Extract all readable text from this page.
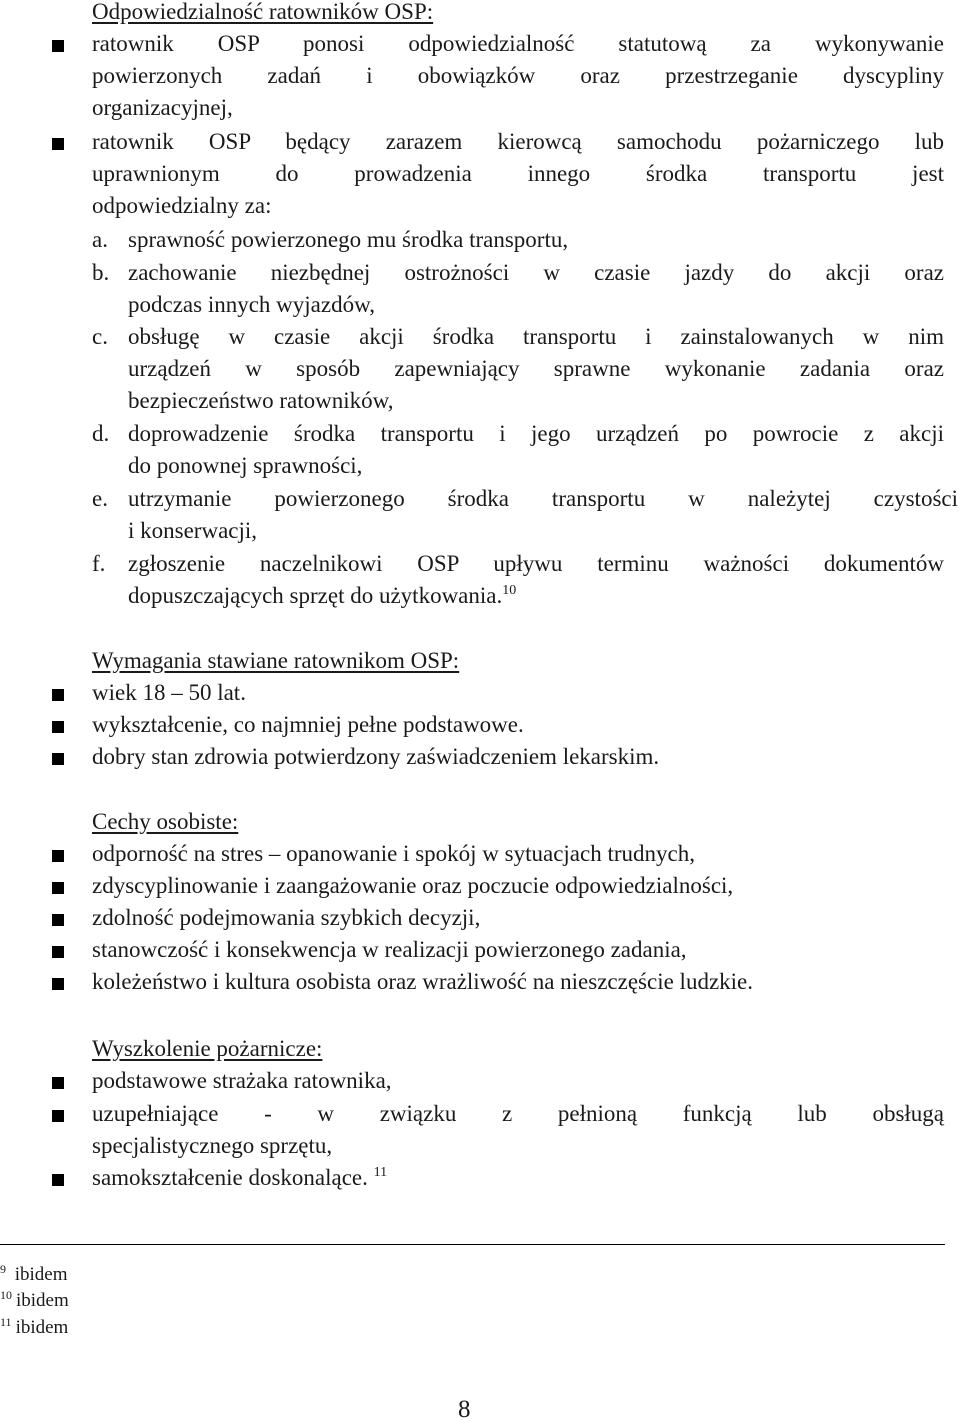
Odpowiedzialność ratowników OSP:
ratownik OSP ponosi odpowiedzialność statutową za wykonywanie
powierzonych zadań i obowiązków oraz przestrzeganie dyscypliny
organizacyjnej,
ratownik OSP będący zarazem kierowcą samochodu pożarniczego lub
uprawnionym do prowadzenia innego środka transportu jest
odpowiedzialny za:
a. sprawność powierzonego mu środka transportu,
b. zachowanie niezbędnej ostrożności w czasie jazdy do akcji oraz
podczas innych wyjazdów,
c. obsługę w czasie akcji środka transportu i zainstalowanych w nim
urządzeń w sposób zapewniający sprawne wykonanie zadania oraz
bezpieczeństwo ratowników,
d. doprowadzenie środka transportu i jego urządzeń po powrocie z akcji
do ponownej sprawności,
e. utrzymanie powierzonego środka transportu w należytej czystości
i konserwacji,
f. zgłoszenie naczelnikowi OSP upływu terminu ważności dokumentów
dopuszczających sprzęt do użytkowania.$^{10}$
Wymagania stawiane ratownikom OSP:
wiek 18 – 50 lat.
wykształcenie, co najmniej pełne podstawowe.
dobry stan zdrowia potwierdzony zaświadczeniem lekarskim.
Cechy osobiste:
odporność na stres – opanowanie i spokój w sytuacjach trudnych,
zdyscyplinowanie i zaangażowanie oraz poczucie odpowiedzialności,
zdolność podejmowania szybkich decyzji,
stanowczość i konsekwencja w realizacji powierzonego zadania,
koleżeństwo i kultura osobista oraz wrażliwość na nieszczęście ludzkie.
Wyszkolenie pożarnicze:
podstawowe strażaka ratownika,
uzupełniające - w związku z pełnioną funkcją lub obsługą
specjalistycznego sprzętu,
samokształcenie doskonalące. $^{11}$
$^9$ ibidem
$^{10}$ ibidem
$^{11}$ ibidem
8
